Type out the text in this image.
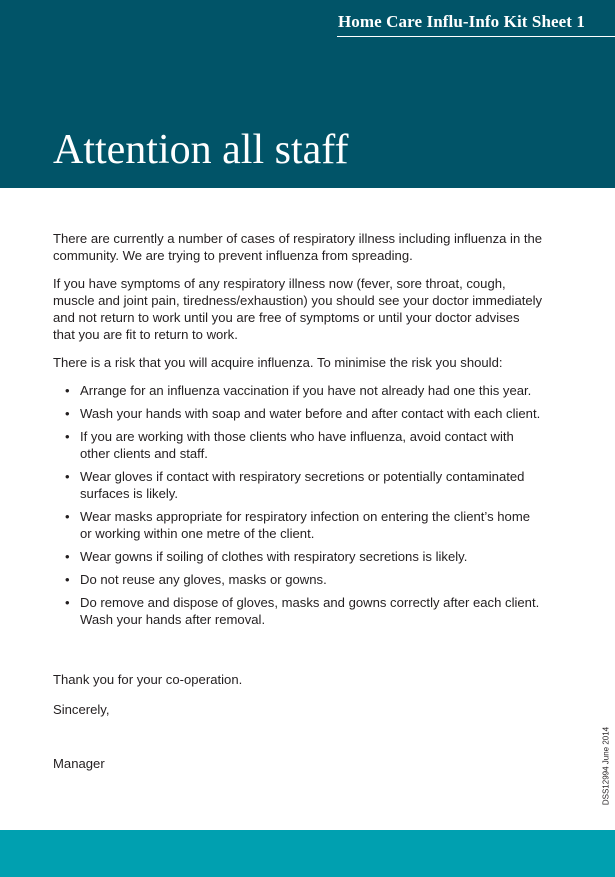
Home Care Influ-Info Kit Sheet 1
Attention all staff

There are currently a number of cases of respiratory illness including influenza in the community. We are trying to prevent influenza from spreading.

If you have symptoms of any respiratory illness now (fever, sore throat, cough, muscle and joint pain, tiredness/exhaustion) you should see your doctor immediately and not return to work until you are free of symptoms or until your doctor advises that you are fit to return to work.

There is a risk that you will acquire influenza. To minimise the risk you should:

• Arrange for an influenza vaccination if you have not already had one this year.
• Wash your hands with soap and water before and after contact with each client.
• If you are working with those clients who have influenza, avoid contact with other clients and staff.
• Wear gloves if contact with respiratory secretions or potentially contaminated surfaces is likely.
• Wear masks appropriate for respiratory infection on entering the client’s home or working within one metre of the client.
• Wear gowns if soiling of clothes with respiratory secretions is likely.
• Do not reuse any gloves, masks or gowns.
• Do remove and dispose of gloves, masks and gowns correctly after each client. Wash your hands after removal.

Thank you for your co-operation.

Sincerely,

Manager	DSS12994 June 2014
